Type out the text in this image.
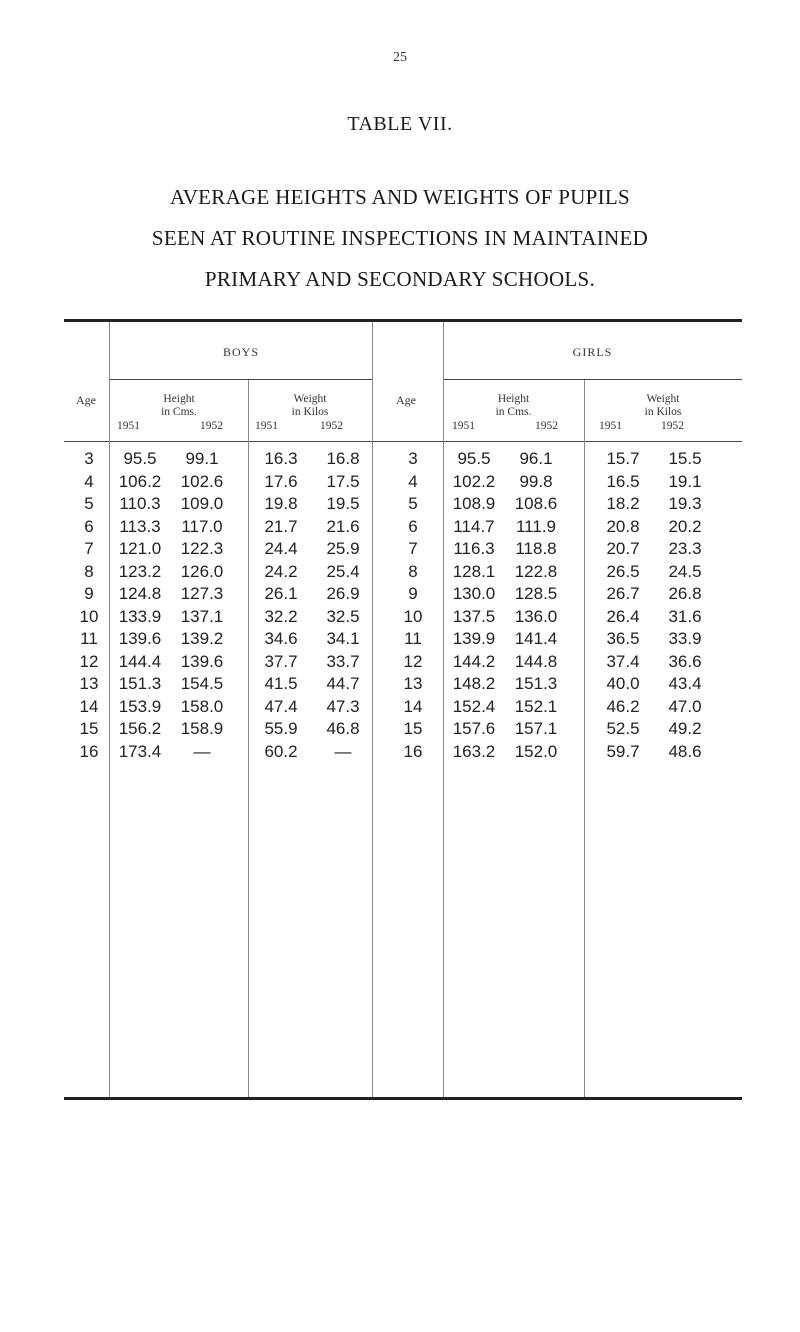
25
TABLE VII.
AVERAGE HEIGHTS AND WEIGHTS OF PUPILS
SEEN AT ROUTINE INSPECTIONS IN MAINTAINED
PRIMARY AND SECONDARY SCHOOLS.
BOYS	GIRLS
Age	Age
Height
in Cms.
Weight
in Kilos
Height
in Cms.
Weight
in Kilos
1951	1952	1951	1952	1951	1952	1951	1952
3	95.5	99.1	16.3	16.8	3	95.5	96.1	15.7	15.5
4	106.2	102.6	17.6	17.5	4	102.2	99.8	16.5	19.1
5	110.3	109.0	19.8	19.5	5	108.9	108.6	18.2	19.3
6	113.3	117.0	21.7	21.6	6	114.7	111.9	20.8	20.2
7	121.0	122.3	24.4	25.9	7	116.3	118.8	20.7	23.3
8	123.2	126.0	24.2	25.4	8	128.1	122.8	26.5	24.5
9	124.8	127.3	26.1	26.9	9	130.0	128.5	26.7	26.8
10	133.9	137.1	32.2	32.5	10	137.5	136.0	26.4	31.6
11	139.6	139.2	34.6	34.1	11	139.9	141.4	36.5	33.9
12	144.4	139.6	37.7	33.7	12	144.2	144.8	37.4	36.6
13	151.3	154.5	41.5	44.7	13	148.2	151.3	40.0	43.4
14	153.9	158.0	47.4	47.3	14	152.4	152.1	46.2	47.0
15	156.2	158.9	55.9	46.8	15	157.6	157.1	52.5	49.2
16	173.4	—	60.2	—	16	163.2	152.0	59.7	48.6
